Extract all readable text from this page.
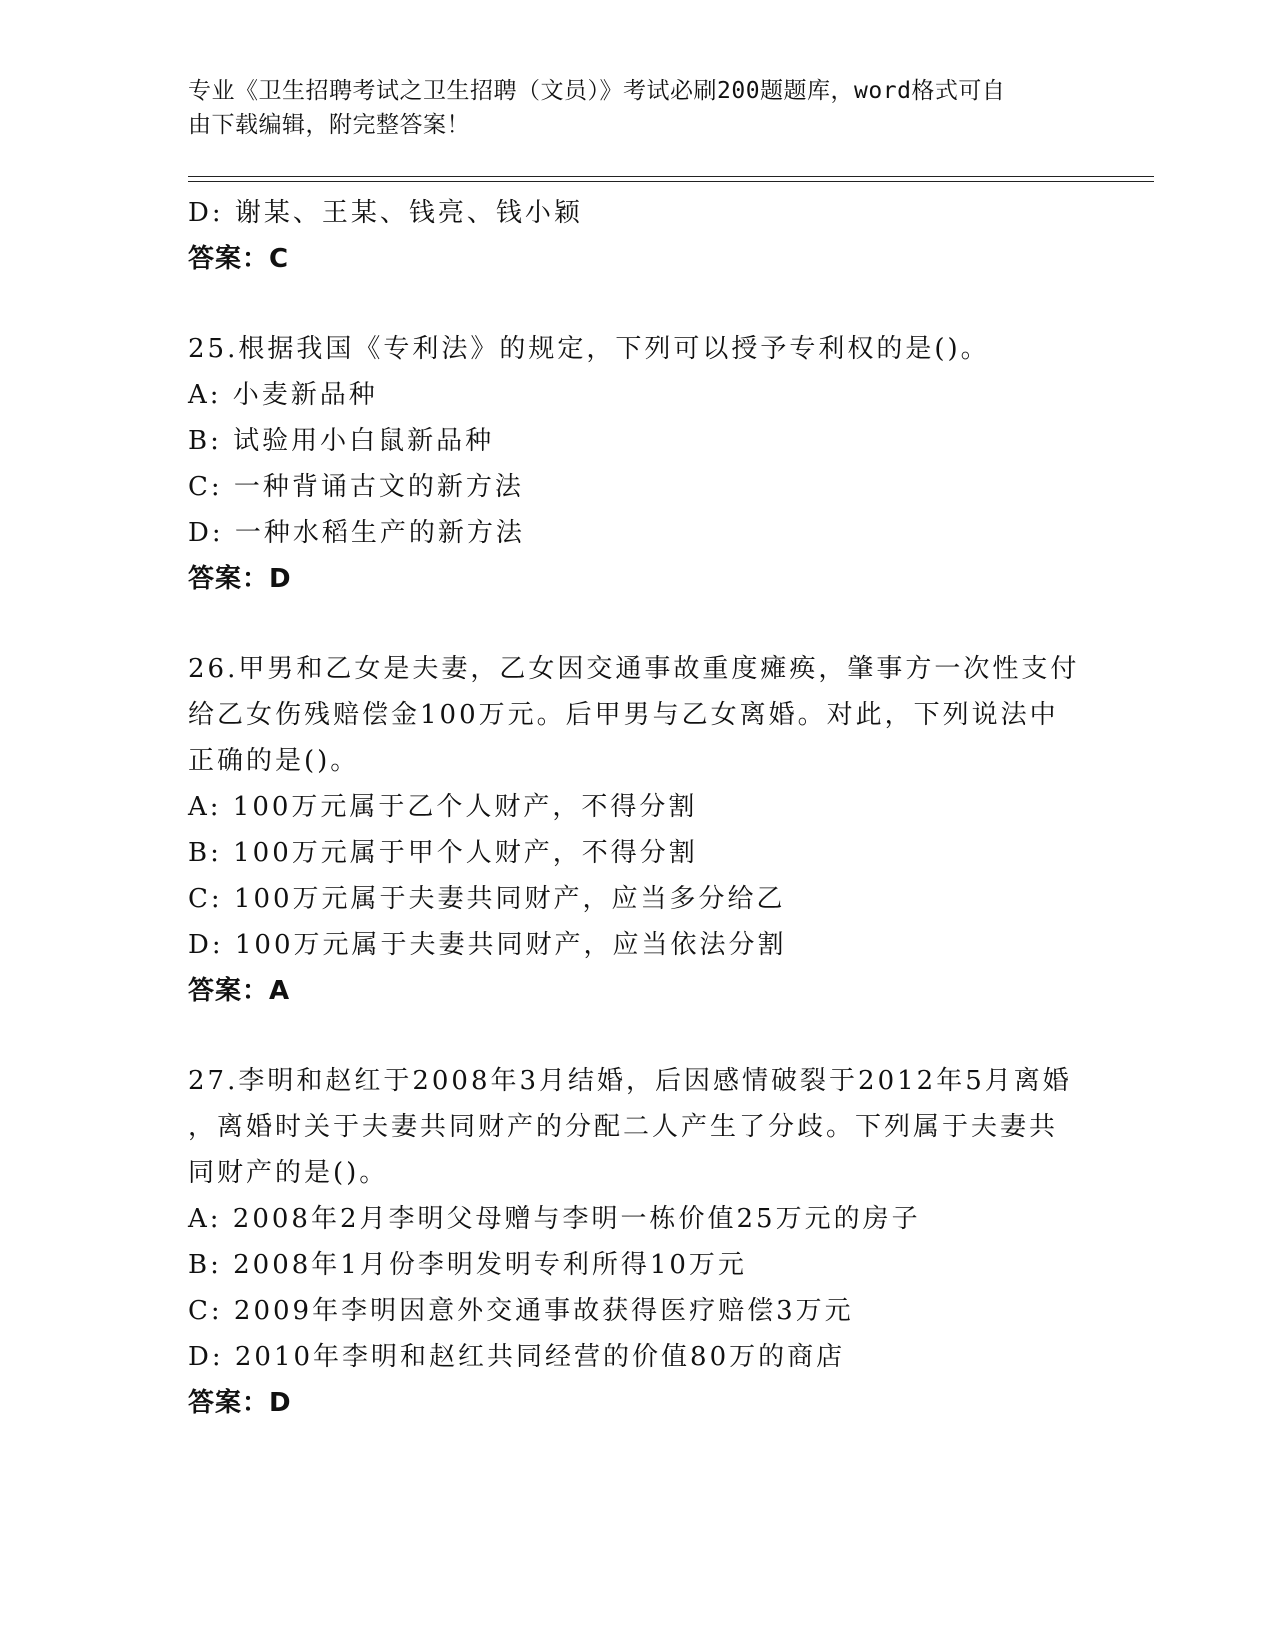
专业《卫生招聘考试之卫生招聘（文员）》考试必刷200题题库，word格式可自
由下载编辑，附完整答案！
D: 谢某、王某、钱亮、钱小颖
答案：C
25.根据我国《专利法》的规定，下列可以授予专利权的是()。
A: 小麦新品种
B: 试验用小白鼠新品种
C: 一种背诵古文的新方法
D: 一种水稻生产的新方法
答案：D
26.甲男和乙女是夫妻，乙女因交通事故重度瘫痪，肇事方一次性支付
给乙女伤残赔偿金100万元。后甲男与乙女离婚。对此，下列说法中
正确的是()。
A: 100万元属于乙个人财产，不得分割
B: 100万元属于甲个人财产，不得分割
C: 100万元属于夫妻共同财产，应当多分给乙
D: 100万元属于夫妻共同财产，应当依法分割
答案：A
27.李明和赵红于2008年3月结婚，后因感情破裂于2012年5月离婚
，离婚时关于夫妻共同财产的分配二人产生了分歧。下列属于夫妻共
同财产的是()。
A: 2008年2月李明父母赠与李明一栋价值25万元的房子
B: 2008年1月份李明发明专利所得10万元
C: 2009年李明因意外交通事故获得医疗赔偿3万元
D: 2010年李明和赵红共同经营的价值80万的商店
答案：D
